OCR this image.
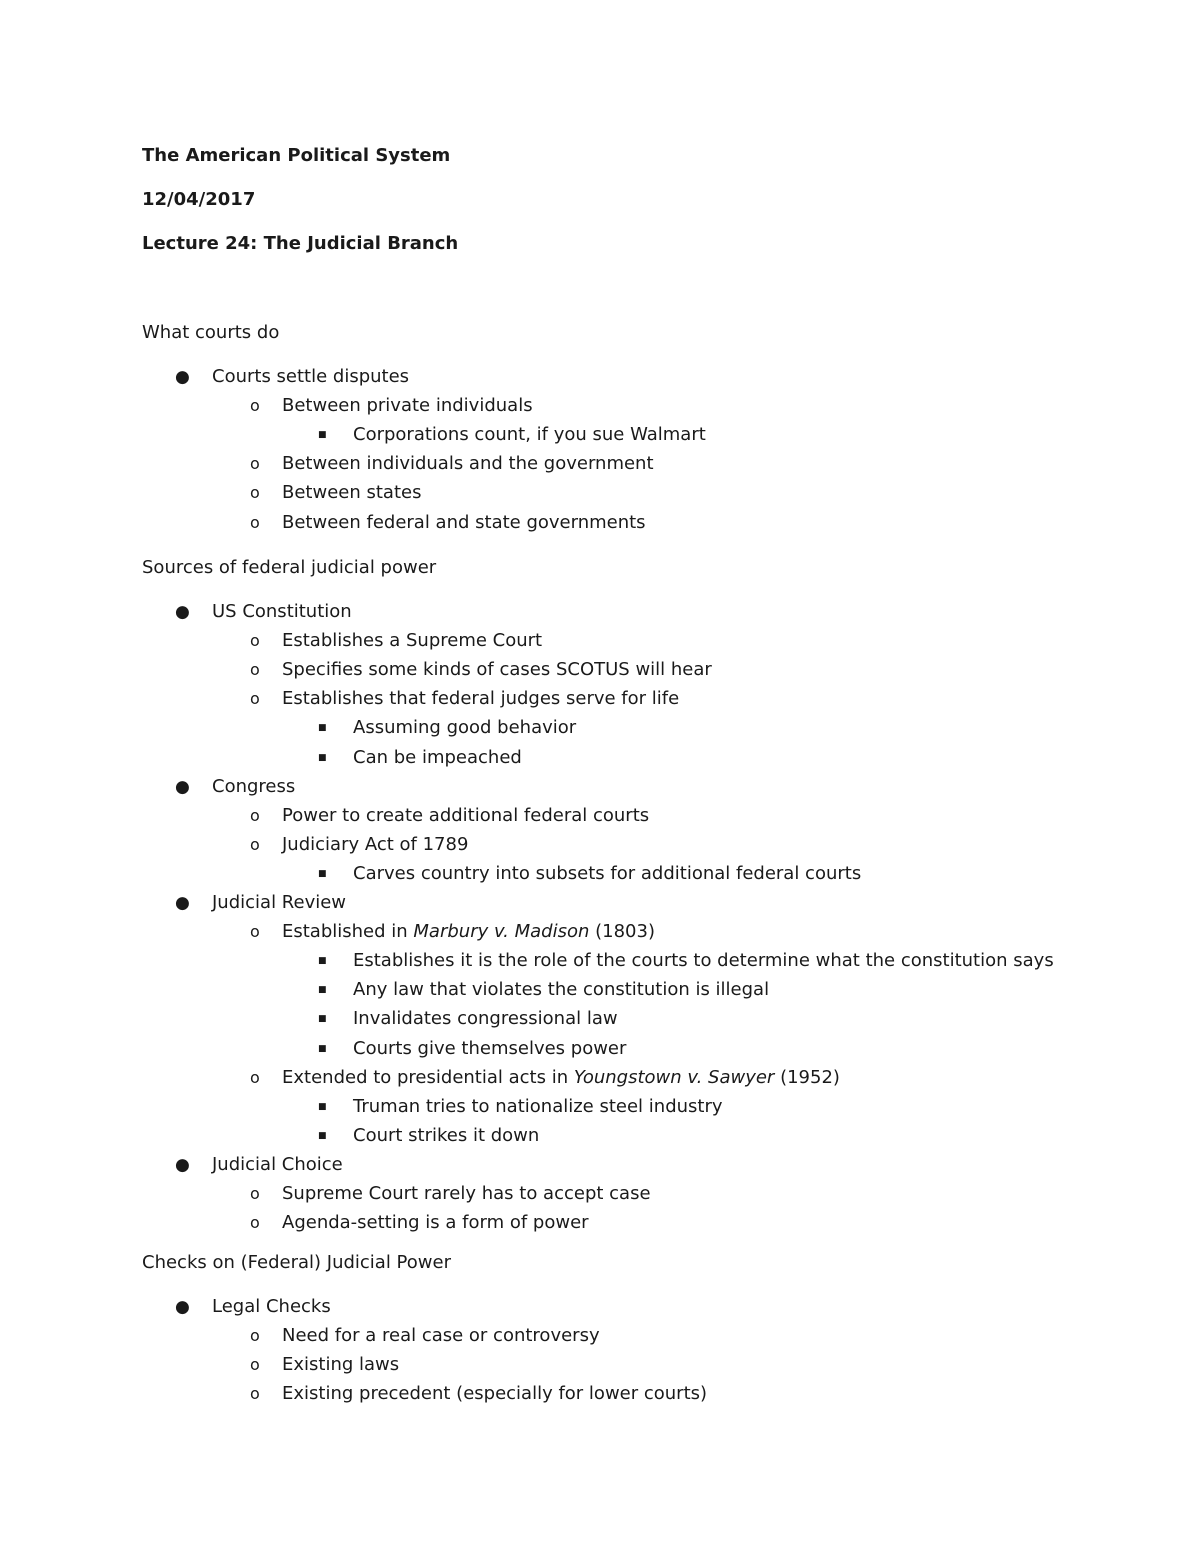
The American Political System
12/04/2017
Lecture 24: The Judicial Branch
What courts do
● Courts settle disputes
o Between private individuals
■ Corporations count, if you sue Walmart
o Between individuals and the government
o Between states
o Between federal and state governments
Sources of federal judicial power
● US Constitution
o Establishes a Supreme Court
o Specifies some kinds of cases SCOTUS will hear
o Establishes that federal judges serve for life
■ Assuming good behavior
■ Can be impeached
● Congress
o Power to create additional federal courts
o Judiciary Act of 1789
■ Carves country into subsets for additional federal courts
● Judicial Review
o Established in Marbury v. Madison (1803)
■ Establishes it is the role of the courts to determine what the constitution says
■ Any law that violates the constitution is illegal
■ Invalidates congressional law
■ Courts give themselves power
o Extended to presidential acts in Youngstown v. Sawyer (1952)
■ Truman tries to nationalize steel industry
■ Court strikes it down
● Judicial Choice
o Supreme Court rarely has to accept case
o Agenda-setting is a form of power
Checks on (Federal) Judicial Power
● Legal Checks
o Need for a real case or controversy
o Existing laws
o Existing precedent (especially for lower courts)
